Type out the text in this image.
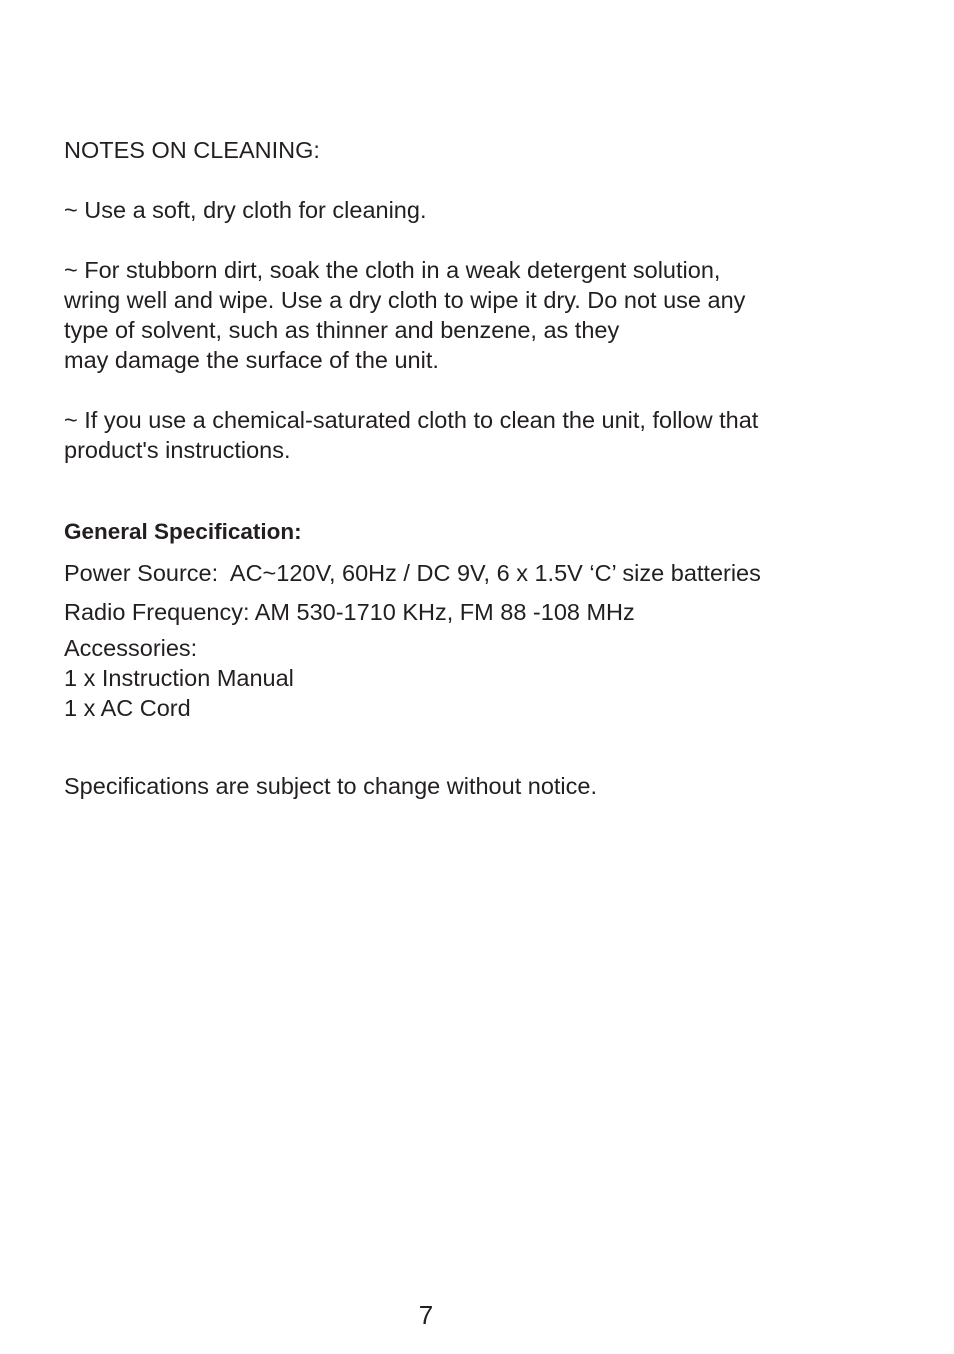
NOTES ON CLEANING:

~ Use a soft, dry cloth for cleaning.

~ For stubborn dirt, soak the cloth in a weak detergent solution,

wring well and wipe. Use a dry cloth to wipe it dry. Do not use any

type of solvent, such as thinner and benzene, as they

may damage the surface of the unit.

~ If you use a chemical-saturated cloth to clean the unit, follow that

product's instructions.

General Specification:

Power Source:  AC~120V, 60Hz / DC 9V, 6 x 1.5V ‘C’ size batteries

Radio Frequency: AM 530-1710 KHz, FM 88 -108 MHz

Accessories:

1 x Instruction Manual

1 x AC Cord

Specifications are subject to change without notice.

7
